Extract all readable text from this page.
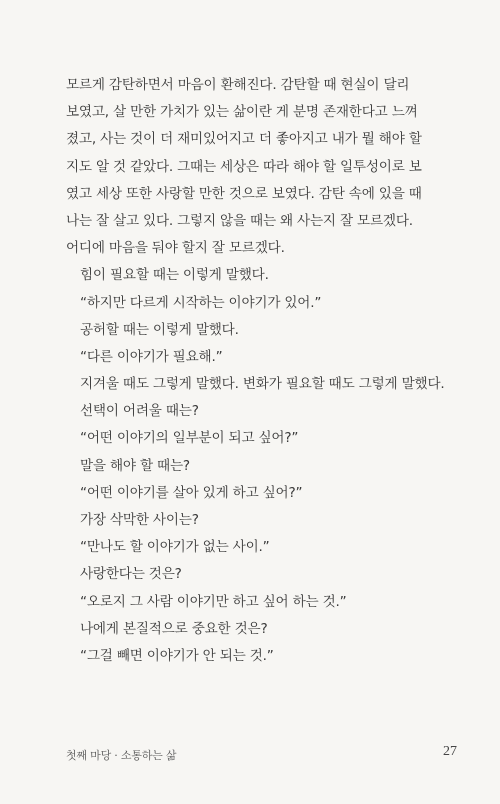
모르게 감탄하면서 마음이 환해진다. 감탄할 때 현실이 달리
보였고, 살 만한 가치가 있는 삶이란 게 분명 존재한다고 느껴
졌고, 사는 것이 더 재미있어지고 더 좋아지고 내가 뭘 해야 할
지도 알 것 같았다. 그때는 세상은 따라 해야 할 일투성이로 보
였고 세상 또한 사랑할 만한 것으로 보였다. 감탄 속에 있을 때
나는 잘 살고 있다. 그렇지 않을 때는 왜 사는지 잘 모르겠다.
어디에 마음을 둬야 할지 잘 모르겠다.
힘이 필요할 때는 이렇게 말했다.
“하지만 다르게 시작하는 이야기가 있어.”
공허할 때는 이렇게 말했다.
“다른 이야기가 필요해.”
지겨울 때도 그렇게 말했다. 변화가 필요할 때도 그렇게 말했다.
선택이 어려울 때는?
“어떤 이야기의 일부분이 되고 싶어?”
말을 해야 할 때는?
“어떤 이야기를 살아 있게 하고 싶어?”
가장 삭막한 사이는?
“만나도 할 이야기가 없는 사이.”
사랑한다는 것은?
“오로지 그 사람 이야기만 하고 싶어 하는 것.”
나에게 본질적으로 중요한 것은?
“그걸 빼면 이야기가 안 되는 것.”
첫째 마당 · 소통하는 삶	27
